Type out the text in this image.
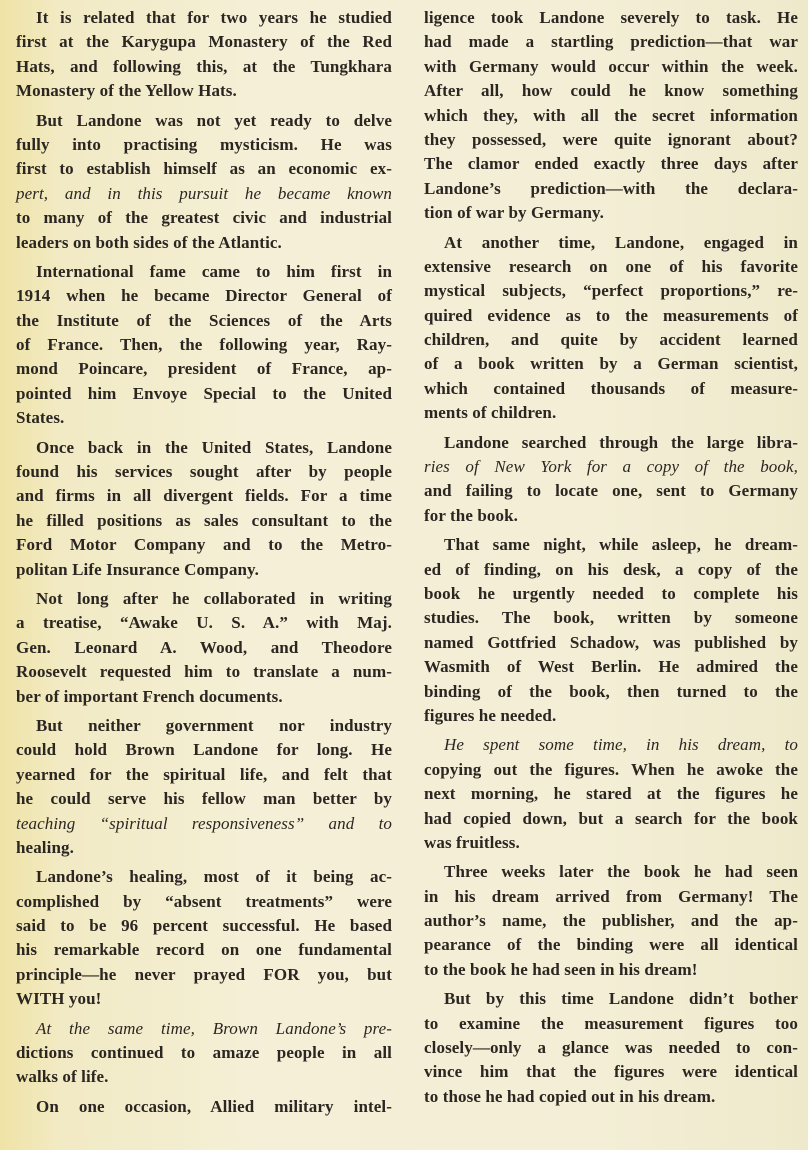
It is related that for two years he studied
first at the Karygupa Monastery of the Red
Hats, and following this, at the Tungkhara
Monastery of the Yellow Hats.
But Landone was not yet ready to delve
fully into practising mysticism. He was
first to establish himself as an economic ex-
pert, and in this pursuit he became known
to many of the greatest civic and industrial
leaders on both sides of the Atlantic.
International fame came to him first in
1914 when he became Director General of
the Institute of the Sciences of the Arts
of France. Then, the following year, Ray-
mond Poincare, president of France, ap-
pointed him Envoye Special to the United
States.
Once back in the United States, Landone
found his services sought after by people
and firms in all divergent fields. For a time
he filled positions as sales consultant to the
Ford Motor Company and to the Metro-
politan Life Insurance Company.
Not long after he collaborated in writing
a treatise, “Awake U. S. A.” with Maj.
Gen. Leonard A. Wood, and Theodore
Roosevelt requested him to translate a num-
ber of important French documents.
But neither government nor industry
could hold Brown Landone for long. He
yearned for the spiritual life, and felt that
he could serve his fellow man better by
teaching “spiritual responsiveness” and to
healing.
Landone’s healing, most of it being ac-
complished by “absent treatments” were
said to be 96 percent successful. He based
his remarkable record on one fundamental
principle—he never prayed FOR you, but
WITH you!
At the same time, Brown Landone’s pre-
dictions continued to amaze people in all
walks of life.
On one occasion, Allied military intel-
ligence took Landone severely to task. He
had made a startling prediction—that war
with Germany would occur within the week.
After all, how could he know something
which they, with all the secret information
they possessed, were quite ignorant about?
The clamor ended exactly three days after
Landone’s prediction—with the declara-
tion of war by Germany.
At another time, Landone, engaged in
extensive research on one of his favorite
mystical subjects, “perfect proportions,” re-
quired evidence as to the measurements of
children, and quite by accident learned
of a book written by a German scientist,
which contained thousands of measure-
ments of children.
Landone searched through the large libra-
ries of New York for a copy of the book,
and failing to locate one, sent to Germany
for the book.
That same night, while asleep, he dream-
ed of finding, on his desk, a copy of the
book he urgently needed to complete his
studies. The book, written by someone
named Gottfried Schadow, was published by
Wasmith of West Berlin. He admired the
binding of the book, then turned to the
figures he needed.
He spent some time, in his dream, to
copying out the figures. When he awoke the
next morning, he stared at the figures he
had copied down, but a search for the book
was fruitless.
Three weeks later the book he had seen
in his dream arrived from Germany! The
author’s name, the publisher, and the ap-
pearance of the binding were all identical
to the book he had seen in his dream!
But by this time Landone didn’t bother
to examine the measurement figures too
closely—only a glance was needed to con-
vince him that the figures were identical
to those he had copied out in his dream.
